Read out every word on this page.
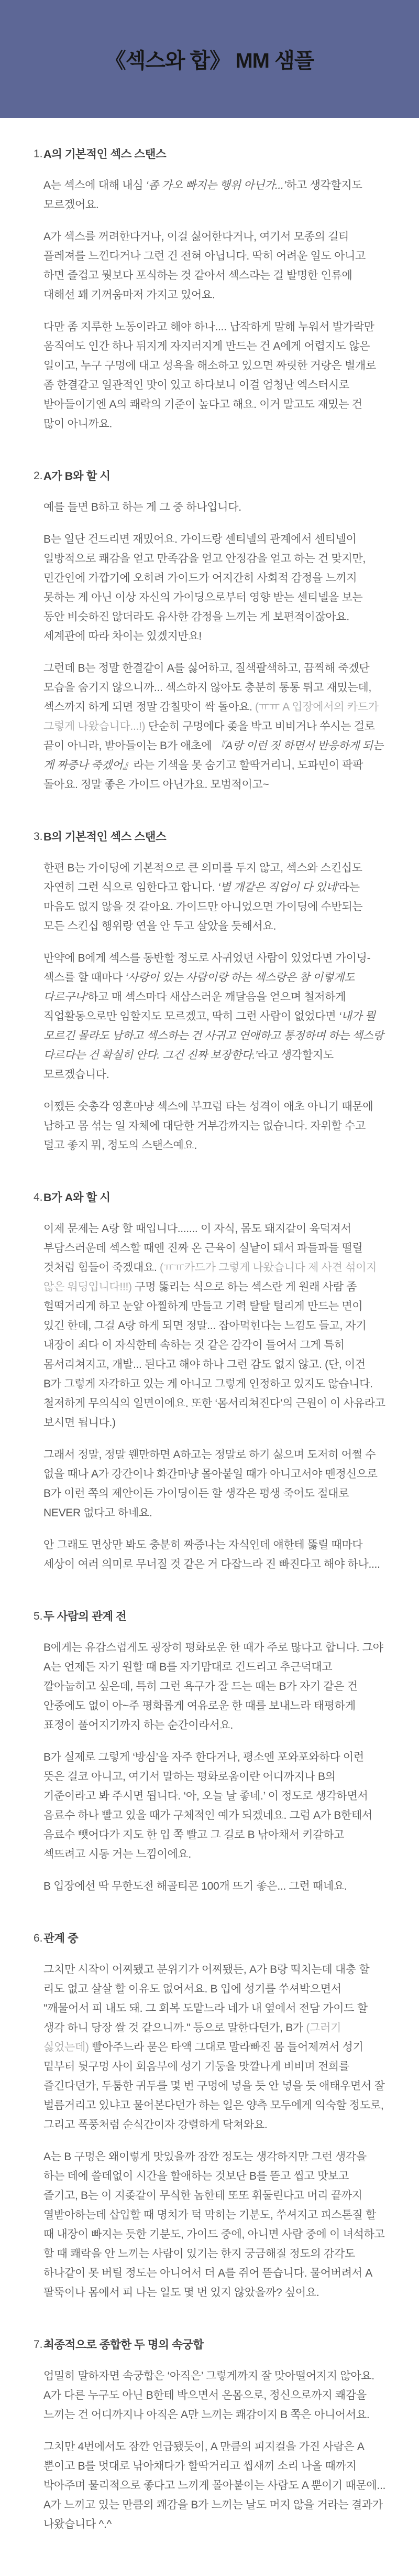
《섹스와 합》 MM 샘플
1. A의 기본적인 섹스 스탠스

A는 섹스에 대해 내심 ‘좀 가오 빠지는 행위 아닌가...’하고 생각할지도 모르겠어요.

A가 섹스를 꺼려한다거나, 이걸 싫어한다거나, 여기서 모종의 길티 플레져를 느낀다거나 그런 건 전혀 아닙니다. 딱히 어려운 일도 아니고 하면 즐겁고 뭣보다 포식하는 것 같아서 섹스라는 걸 발명한 인류에 대해선 꽤 기꺼움마저 가지고 있어요.

다만 좀 지루한 노동이라고 해야 하나.... 납작하게 말해 누워서 발가락만 움직여도 인간 하나 뒤지게 자지러지게 만드는 건 A에게 어렵지도 않은 일이고, 누구 구멍에 대고 성욕을 해소하고 있으면 짜릿한 거랑은 별개로 좀 한결같고 일관적인 맛이 있고 하다보니 이걸 엄청난 엑스터시로 받아들이기엔 A의 쾌락의 기준이 높다고 해요. 이거 말고도 재밌는 건 많이 아니까요.

2. A가 B와 할 시

예를 들면 B하고 하는 게 그 중 하나입니다.

B는 일단 건드리면 재밌어요. 가이드랑 센티넬의 관계에서 센티넬이 일방적으로 쾌감을 얻고 만족감을 얻고 안정감을 얻고 하는 건 맞지만, 민간인에 가깝기에 오히려 가이드가 어지간히 사회적 감정을 느끼지 못하는 게 아닌 이상 자신의 가이딩으로부터 영향 받는 센티넬을 보는 동안 비슷하진 않더라도 유사한 감정을 느끼는 게 보편적이잖아요. 세계관에 따라 차이는 있겠지만요!

그런데 B는 정말 한결같이 A를 싫어하고, 질색팔색하고, 끔찍해 죽겠단 모습을 숨기지 않으니까... 섹스하지 않아도 충분히 통통 튀고 재밌는데, 섹스까지 하게 되면 정말 감칠맛이 싹 돌아요. (ㅠㅠ A 입장에서의 카드가 그렇게 나왔습니다...!) 단순히 구멍에다 좆을 박고 비비거나 쑤시는 걸로 끝이 아니라, 받아들이는 B가 애초에 『A랑 이런 짓 하면서 반응하게 되는 게 짜증나 죽겠어』라는 기색을 못 숨기고 할딱거리니, 도파민이 팍팍 돌아요. 정말 좋은 가이드 아닌가요. 모범적이고~

3. B의 기본적인 섹스 스탠스

한편 B는 가이딩에 기본적으로 큰 의미를 두지 않고, 섹스와 스킨십도 자연히 그런 식으로 임한다고 합니다. ‘별 개같은 직업이 다 있네’라는 마음도 없지 않을 것 같아요. 가이드만 아니었으면 가이딩에 수반되는 모든 스킨십 행위랑 연을 안 두고 살았을 듯해서요.

만약에 B에게 섹스를 동반할 정도로 사귀었던 사람이 있었다면 가이딩-섹스를 할 때마다 ‘사랑이 있는 사람이랑 하는 섹스랑은 참 이렇게도 다르구나’하고 매 섹스마다 새삼스러운 깨달음을 얻으며 철저하게 직업활동으로만 임할지도 모르겠고, 딱히 그런 사람이 없었다면 ‘내가 뭘 모르긴 몰라도 남하고 섹스하는 건 사귀고 연애하고 통정하며 하는 섹스랑 다르다는 건 확실히 안다. 그건 진짜 보장한다.’라고 생각할지도 모르겠습니다.

어쨌든 숫총각 영혼마냥 섹스에 부끄럼 타는 성격이 애초 아니기 때문에 남하고 몸 섞는 일 자체에 대단한 거부감까지는 없습니다. 자위할 수고 덜고 좋지 뭐, 정도의 스탠스예요.

4. B가 A와 할 시

이제 문제는 A랑 할 때입니다....... 이 자식, 몸도 돼지같이 육덕져서 부담스러운데 섹스할 때엔 진짜 온 근육이 실낱이 돼서 파들파들 떨릴 것처럼 힘들어 죽겠대요. (ㅠㅠ카드가 그렇게 나왔습니다 제 사견 섞이지 않은 워딩입니다!!!) 구멍 뚫리는 식으로 하는 섹스란 게 원래 사람 좀 헐떡거리게 하고 눈앞 아찔하게 만들고 기력 탈탈 털리게 만드는 면이 있긴 한데, 그걸 A랑 하게 되면 정말... 잡아먹힌다는 느낌도 들고, 자기 내장이 죄다 이 자식한테 속하는 것 같은 감각이 들어서 그게 특히 몸서리쳐지고, 개발... 된다고 해야 하나 그런 감도 없지 않고. (단, 이건 B가 그렇게 자각하고 있는 게 아니고 그렇게 인정하고 있지도 않습니다. 철저하게 무의식의 일면이에요. 또한 ‘몸서리쳐진다’의 근원이 이 사유라고 보시면 됩니다.)

그래서 정말, 정말 웬만하면 A하고는 정말로 하기 싫으며 도저히 어쩔 수 없을 때나 A가 강간이나 화간마냥 몰아붙일 때가 아니고서야 맨정신으로 B가 이런 쪽의 제안이든 가이딩이든 할 생각은 평생 죽어도 절대로 NEVER 없다고 하네요.

안 그래도 면상만 봐도 충분히 짜증나는 자식인데 얘한테 뚫릴 때마다 세상이 여러 의미로 무너질 것 같은 거 다잡느라 진 빠진다고 해야 하나....

5. 두 사람의 관계 전

B에게는 유감스럽게도 굉장히 평화로운 한 때가 주로 많다고 합니다. 그야 A는 언제든 자기 원할 때 B를 자기맘대로 건드리고 추근덕대고 깔아눕히고 싶은데, 특히 그런 욕구가 잘 드는 때는 B가 자기 같은 건 안중에도 없이 아~주 평화롭게 여유로운 한 때를 보내느라 태평하게 표정이 풀어지기까지 하는 순간이라서요.

B가 실제로 그렇게 ‘방심’을 자주 한다거나, 평소엔 포와포와하다 이런 뜻은 결코 아니고, 여기서 말하는 평화로움이란 어디까지나 B의 기준이라고 봐 주시면 됩니다. ‘아, 오늘 날 좋네.’ 이 정도로 생각하면서 음료수 하나 빨고 있을 때가 구체적인 예가 되겠네요. 그럼 A가 B한테서 음료수 뺏어다가 지도 한 입 쪽 빨고 그 길로 B 낚아채서 키갈하고 섹뜨려고 시동 거는 느낌이에요.

B 입장에선 딱 무한도전 해골티콘 100개 뜨기 좋은... 그런 때네요.

6. 관계 중

그치만 시작이 어찌됐고 분위기가 어찌됐든, A가 B랑 떡치는데 대충 할 리도 없고 살살 할 이유도 없어서요. B 입에 성기를 쑤셔박으면서 "깨물어서 피 내도 돼. 그 회복 도맡느라 네가 내 옆에서 전담 가이드 할 생각 하니 당장 쌀 것 같으니까." 등으로 말한다던가, B가 (그러기 싫었는데) 빨아주느라 묻은 타액 그대로 말라빠진 몸 들어제껴서 성기 밑부터 뒷구멍 사이 회음부에 성기 기둥을 맛깔나게 비비며 전희를 즐긴다던가, 두툼한 귀두를 몇 번 구멍에 넣을 듯 안 넣을 듯 애태우면서 잘 벌름거리고 있냐고 물어본다던가 하는 일은 양측 모두에게 익숙할 정도로, 그리고 폭풍처럼 순식간이자 강렬하게 닥쳐와요.

A는 B 구멍은 왜이렇게 맛있을까 잠깐 정도는 생각하지만 그런 생각을 하는 데에 쓸데없이 시간을 할애하는 것보단 B를 뜯고 씹고 맛보고 즐기고, B는 이 지좆같이 무식한 놈한테 또또 휘둘린다고 머리 끝까지 열받아하는데 삽입할 때 명치가 턱 막히는 기분도, 쑤셔지고 피스톤질 할 때 내장이 빠지는 듯한 기분도, 가이드 중에, 아니면 사람 중에 이 녀석하고 할 때 쾌락을 안 느끼는 사람이 있기는 한지 궁금해질 정도의 감각도 하나같이 못 버틸 정도는 아니어서 더 A를 쥐어 뜯습니다. 물어버려서 A 팔뚝이나 몸에서 피 나는 일도 몇 번 있지 않았을까? 싶어요.

7. 최종적으로 종합한 두 명의 속궁합

엄밀히 말하자면 속궁합은 ‘아직은’ 그렇게까지 잘 맞아떨어지지 않아요. A가 다른 누구도 아닌 B한테 박으면서 온몸으로, 정신으로까지 쾌감을 느끼는 건 어디까지나 아직은 A만 느끼는 쾌감이지 B 쪽은 아니어서요.

그치만 4번에서도 잠깐 언급됐듯이, A 만큼의 피지컬을 가진 사람은 A 뿐이고 B를 멋대로 낚아채다가 할딱거리고 씹새끼 소리 나올 때까지 박아주며 물리적으로 좋다고 느끼게 몰아붙이는 사람도 A 뿐이기 때문에... A가 느끼고 있는 만큼의 쾌감을 B가 느끼는 날도 머지 않을 거라는 결과가 나왔습니다 ^.^
